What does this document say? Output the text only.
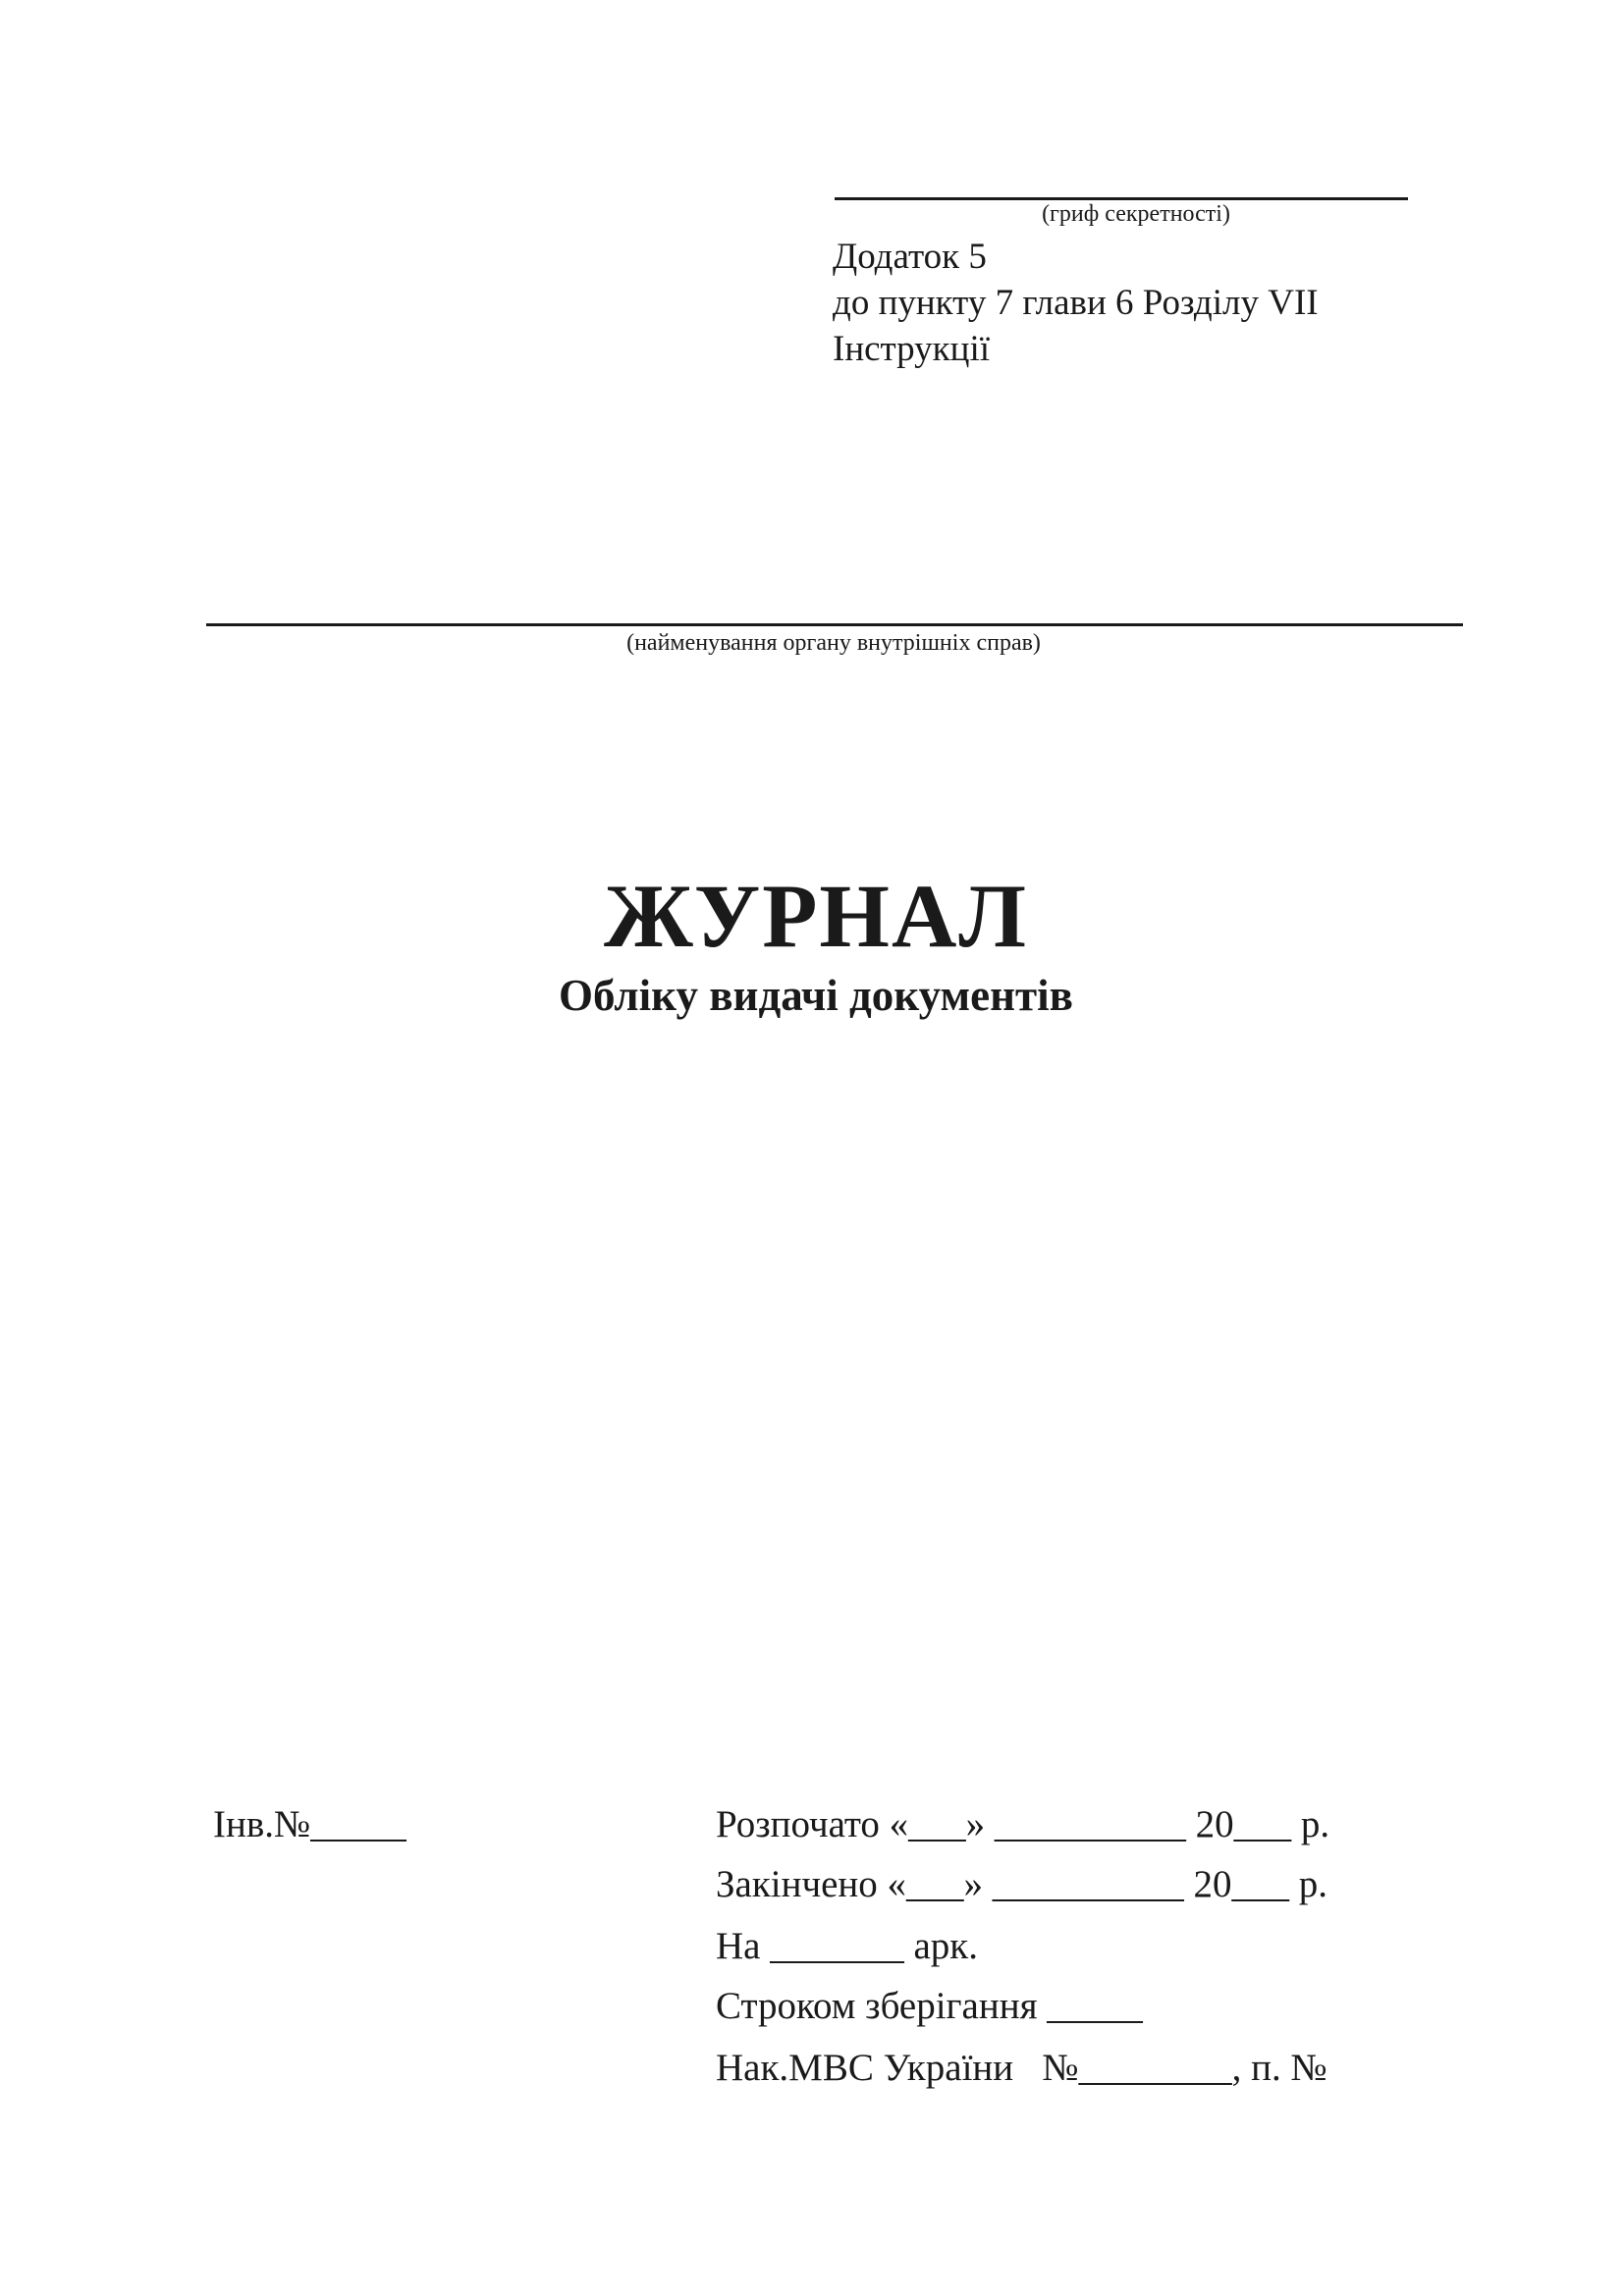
(гриф секретності)
Додаток 5
до пункту 7 глави 6 Розділу VII
Інструкції
(найменування органу внутрішніх справ)
ЖУРНАЛ
Обліку видачі документів
Інв.№_____	Розпочато «___» __________ 20___ р.
Закінчено «___» __________ 20___ р.
На _______ арк.
Строком зберігання _____
Нак.МВС України   №________, п. №
